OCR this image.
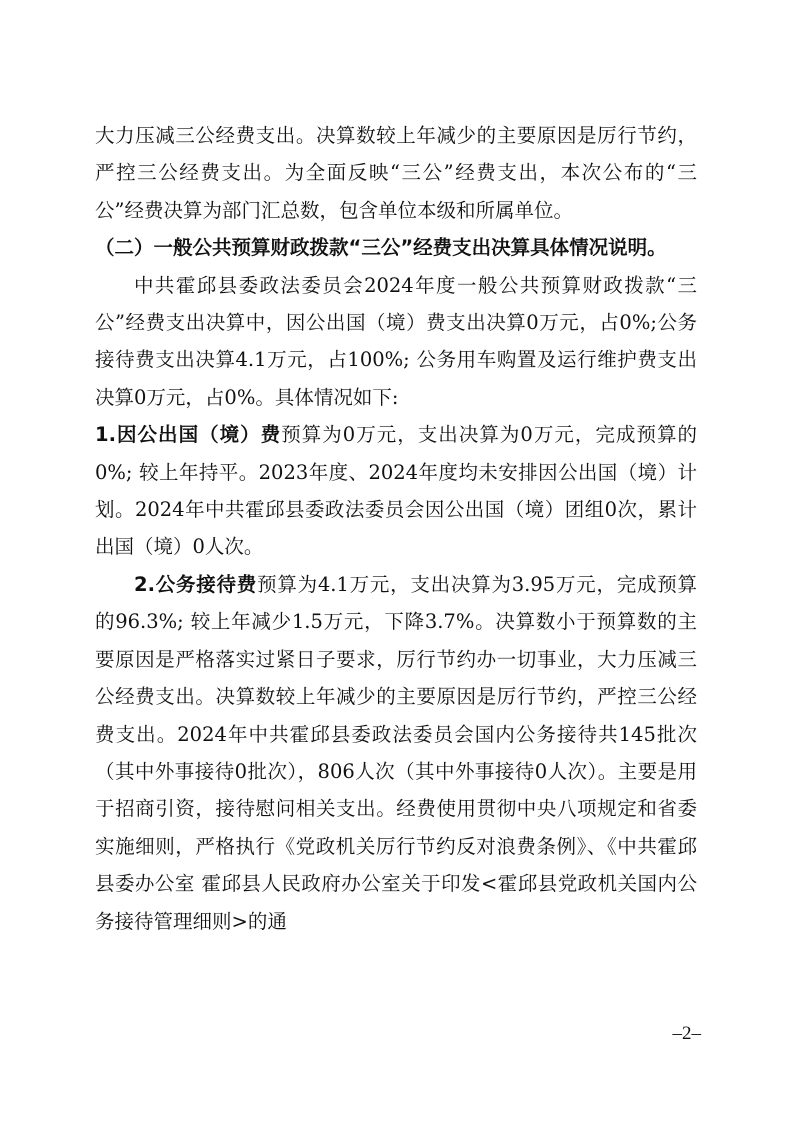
大力压减三公经费支出。决算数较上年减少的主要原因是厉行节约，严控三公经费支出。为全面反映“三公”经费支出，本次公布的“三公”经费决算为部门汇总数，包含单位本级和所属单位。

（二）一般公共预算财政拨款“三公”经费支出决算具体情况说明。

中共霍邱县委政法委员会2024年度一般公共预算财政拨款“三公”经费支出决算中，因公出国（境）费支出决算0万元，占0%;公务接待费支出决算4.1万元，占100%; 公务用车购置及运行维护费支出决算0万元，占0%。具体情况如下:

1.因公出国（境）费预算为0万元，支出决算为0万元，完成预算的0%; 较上年持平。2023年度、2024年度均未安排因公出国（境）计划。2024年中共霍邱县委政法委员会因公出国（境）团组0次，累计出国（境）0人次。

2.公务接待费预算为4.1万元，支出决算为3.95万元，完成预算的96.3%; 较上年减少1.5万元，下降3.7%。决算数小于预算数的主要原因是严格落实过紧日子要求，厉行节约办一切事业，大力压减三公经费支出。决算数较上年减少的主要原因是厉行节约，严控三公经费支出。2024年中共霍邱县委政法委员会国内公务接待共145批次（其中外事接待0批次），806人次（其中外事接待0人次）。主要是用于招商引资，接待慰问相关支出。经费使用贯彻中央八项规定和省委实施细则，严格执行《党政机关厉行节约反对浪费条例》、《中共霍邱县委办公室 霍邱县人民政府办公室关于印发<霍邱县党政机关国内公务接待管理细则>的通

–2–
